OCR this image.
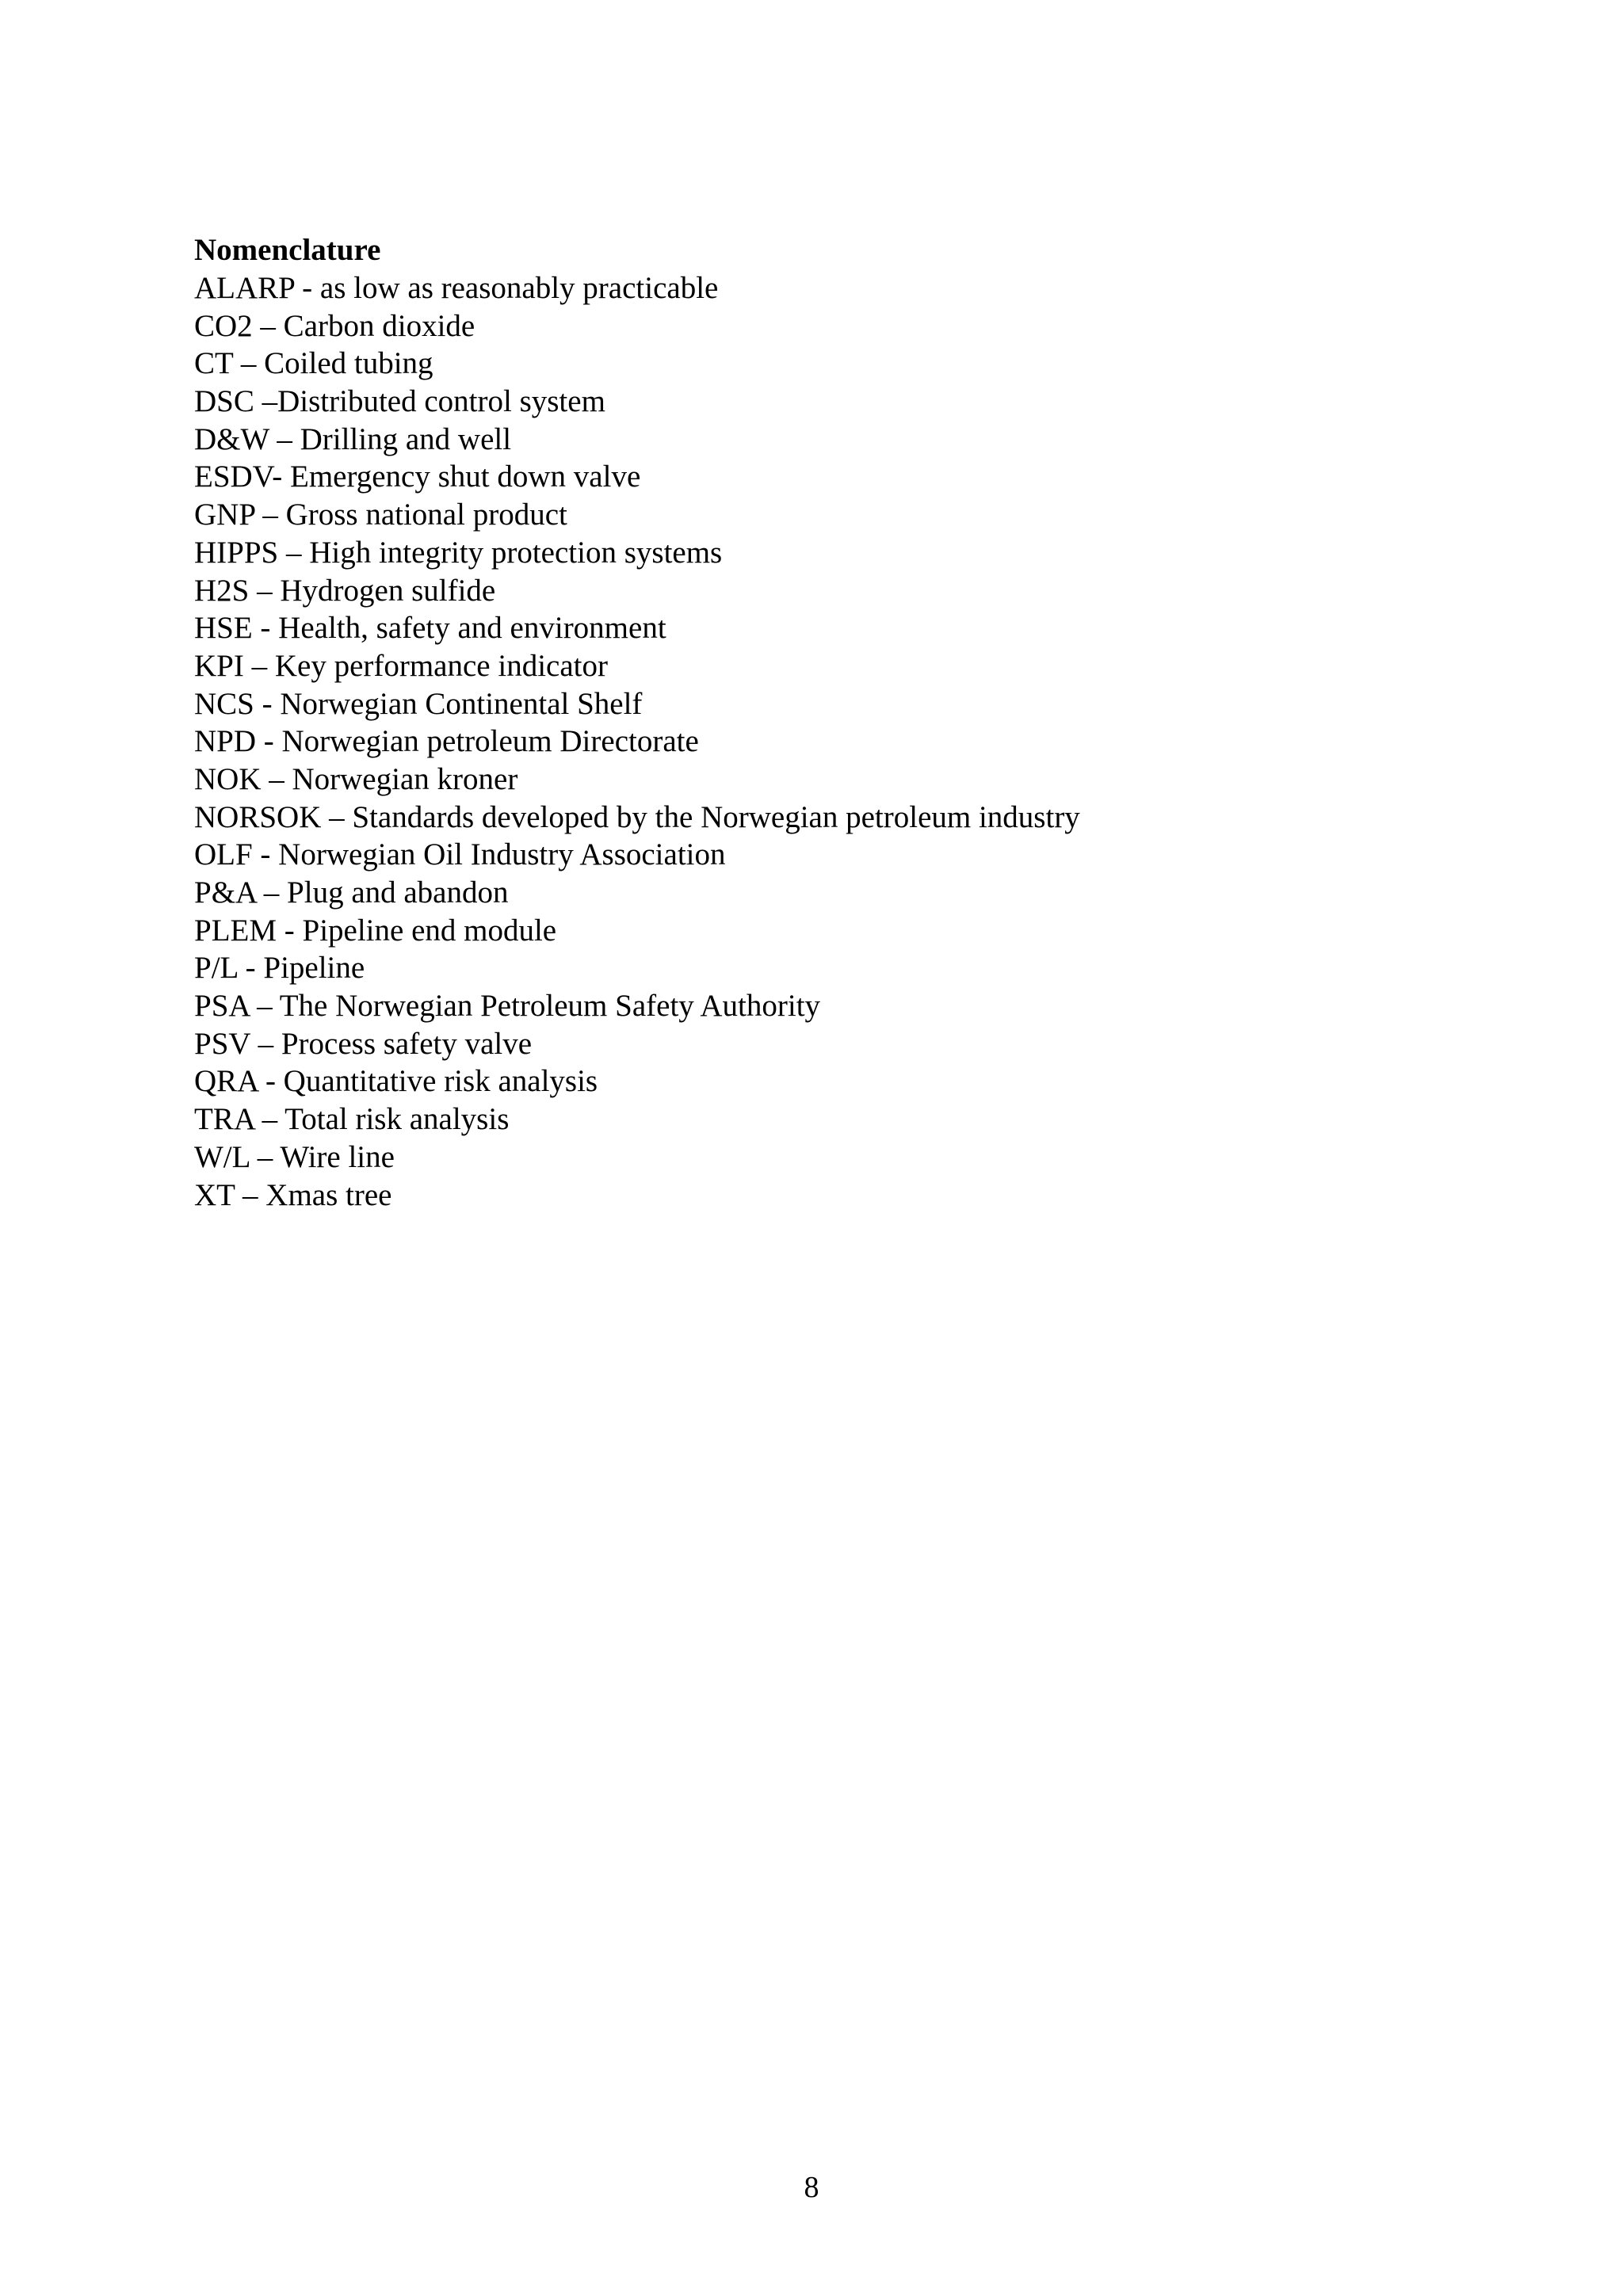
Nomenclature
ALARP - as low as reasonably practicable
CO2 – Carbon dioxide
CT – Coiled tubing
DSC –Distributed control system
D&W – Drilling and well
ESDV- Emergency shut down valve
GNP – Gross national product
HIPPS – High integrity protection systems
H2S – Hydrogen sulfide
HSE - Health, safety and environment
KPI – Key performance indicator
NCS - Norwegian Continental Shelf
NPD - Norwegian petroleum Directorate
NOK – Norwegian kroner
NORSOK – Standards developed by the Norwegian petroleum industry
OLF - Norwegian Oil Industry Association
P&A – Plug and abandon
PLEM - Pipeline end module
P/L - Pipeline
PSA – The Norwegian Petroleum Safety Authority
PSV – Process safety valve
QRA - Quantitative risk analysis
TRA – Total risk analysis
W/L – Wire line
XT – Xmas tree
8
